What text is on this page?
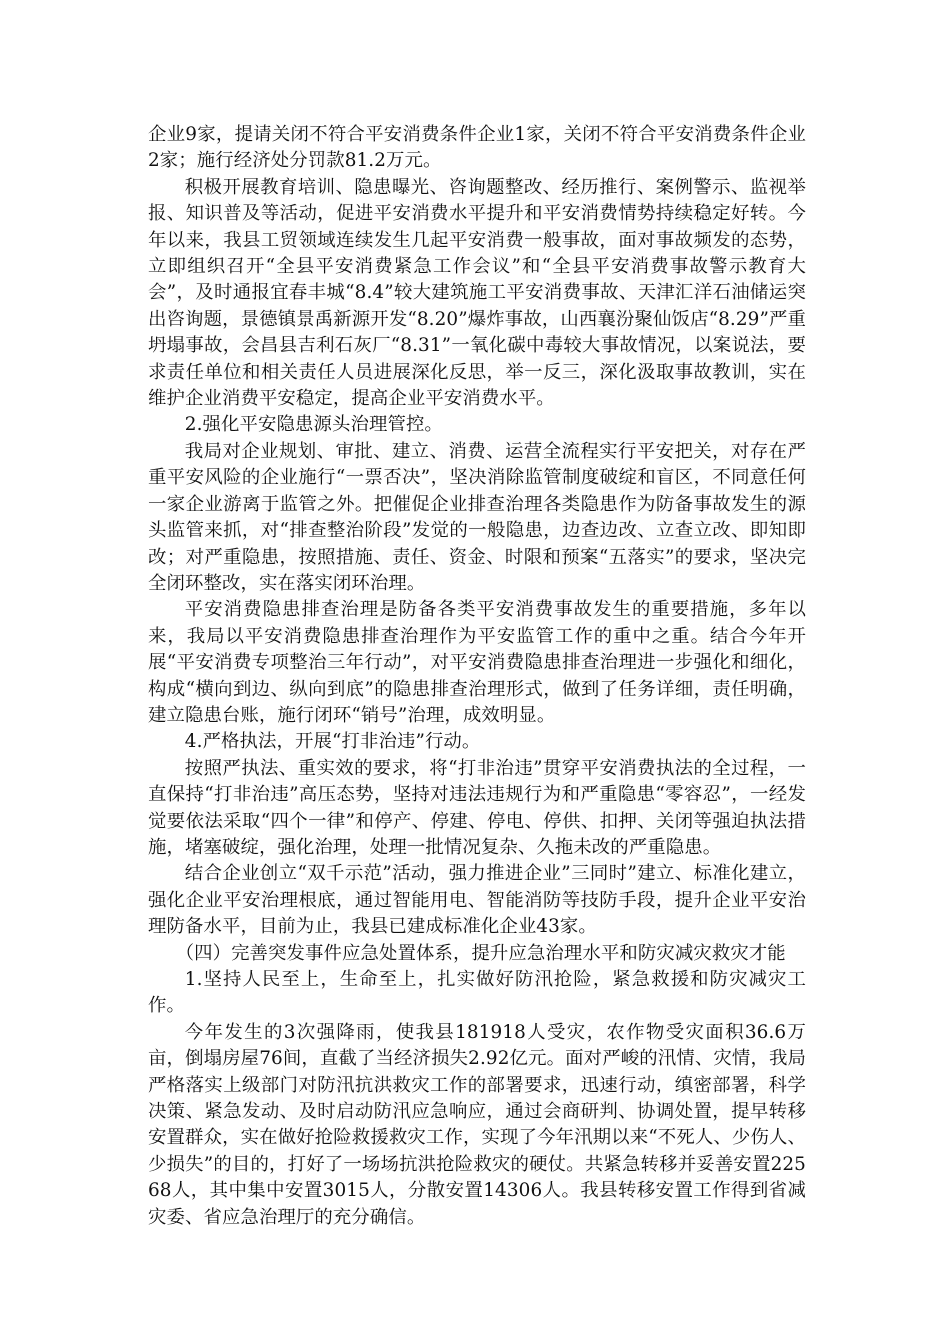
企业9家，提请关闭不符合平安消费条件企业1家，关闭不符合平安消费条件企业2家；施行经济处分罚款81.2万元。

积极开展教育培训、隐患曝光、咨询题整改、经历推行、案例警示、监视举报、知识普及等活动，促进平安消费水平提升和平安消费情势持续稳定好转。今年以来，我县工贸领域连续发生几起平安消费一般事故，面对事故频发的态势，立即组织召开“全县平安消费紧急工作会议”和“全县平安消费事故警示教育大会”，及时通报宜春丰城“8.4”较大建筑施工平安消费事故、天津汇洋石油储运突出咨询题，景德镇景禹新源开发“8.20”爆炸事故，山西襄汾聚仙饭店“8.29”严重坍塌事故，会昌县吉利石灰厂“8.31”一氧化碳中毒较大事故情况，以案说法，要求责任单位和相关责任人员进展深化反思，举一反三，深化汲取事故教训，实在维护企业消费平安稳定，提高企业平安消费水平。

2.强化平安隐患源头治理管控。

我局对企业规划、审批、建立、消费、运营全流程实行平安把关，对存在严重平安风险的企业施行“一票否决”，坚决消除监管制度破绽和盲区，不同意任何一家企业游离于监管之外。把催促企业排查治理各类隐患作为防备事故发生的源头监管来抓，对“排查整治阶段”发觉的一般隐患，边查边改、立查立改、即知即改；对严重隐患，按照措施、责任、资金、时限和预案“五落实”的要求，坚决完全闭环整改，实在落实闭环治理。

平安消费隐患排查治理是防备各类平安消费事故发生的重要措施，多年以来，我局以平安消费隐患排查治理作为平安监管工作的重中之重。结合今年开展“平安消费专项整治三年行动”，对平安消费隐患排查治理进一步强化和细化，构成“横向到边、纵向到底”的隐患排查治理形式，做到了任务详细，责任明确，建立隐患台账，施行闭环“销号”治理，成效明显。

4.严格执法，开展“打非治违”行动。

按照严执法、重实效的要求，将“打非治违”贯穿平安消费执法的全过程，一直保持“打非治违”高压态势，坚持对违法违规行为和严重隐患“零容忍”，一经发觉要依法采取“四个一律”和停产、停建、停电、停供、扣押、关闭等强迫执法措施，堵塞破绽，强化治理，处理一批情况复杂、久拖未改的严重隐患。

结合企业创立“双千示范”活动，强力推进企业”三同时”建立、标准化建立，强化企业平安治理根底，通过智能用电、智能消防等技防手段，提升企业平安治理防备水平，目前为止，我县已建成标准化企业43家。

（四）完善突发事件应急处置体系，提升应急治理水平和防灾减灾救灾才能

1.坚持人民至上，生命至上，扎实做好防汛抢险，紧急救援和防灾减灾工作。

今年发生的3次强降雨，使我县181918人受灾，农作物受灾面积36.6万亩，倒塌房屋76间，直截了当经济损失2.92亿元。面对严峻的汛情、灾情，我局严格落实上级部门对防汛抗洪救灾工作的部署要求，迅速行动，缜密部署，科学决策、紧急发动、及时启动防汛应急响应，通过会商研判、协调处置，提早转移安置群众，实在做好抢险救援救灾工作，实现了今年汛期以来“不死人、少伤人、少损失”的目的，打好了一场场抗洪抢险救灾的硬仗。共紧急转移并妥善安置22568人，其中集中安置3015人，分散安置14306人。我县转移安置工作得到省减灾委、省应急治理厅的充分确信。
